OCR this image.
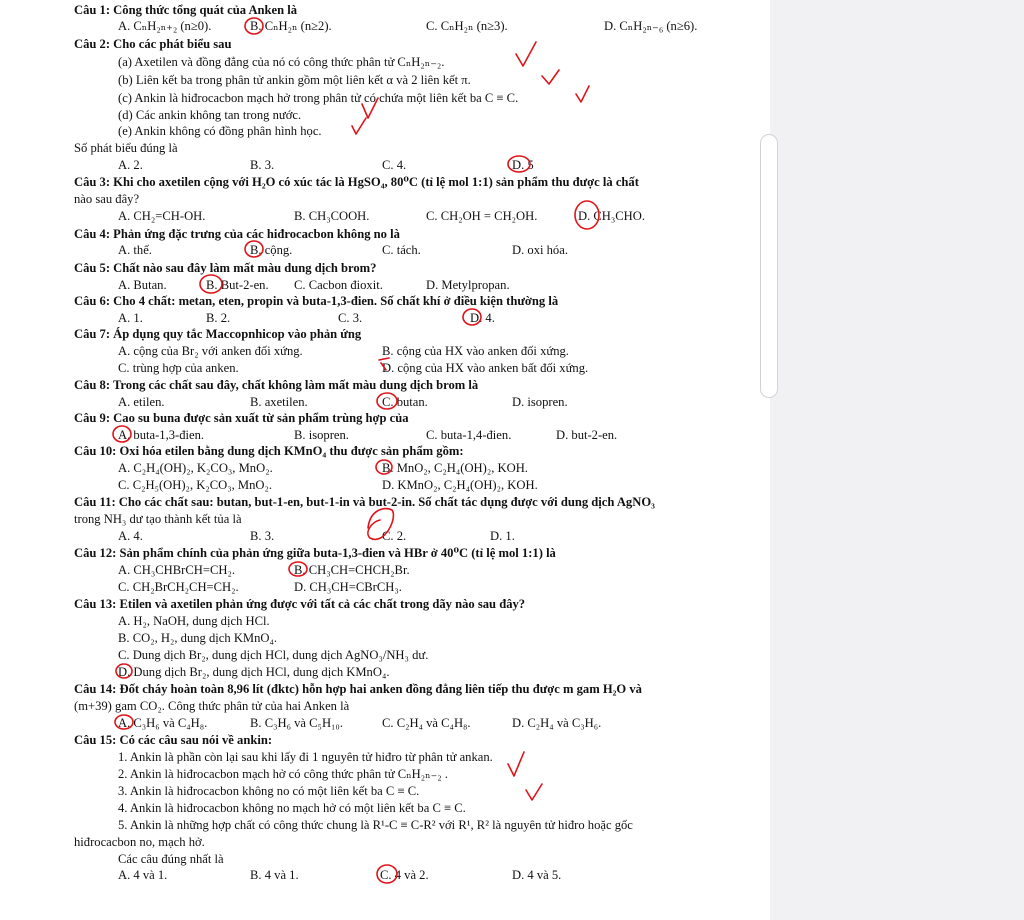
Câu 1: Công thức tổng quát của Anken là
A. CₙH₂ₙ₊₂ (n≥0).	B. CₙH₂ₙ (n≥2).	C. CₙH₂ₙ (n≥3).	D. CₙH₂ₙ₋₆ (n≥6).
Câu 2: Cho các phát biểu sau
(a) Axetilen và đồng đẳng của nó có công thức phân tử CₙH₂ₙ₋₂.
(b) Liên kết ba trong phân tử ankin gồm một liên kết α và 2 liên kết π.
(c) Ankin là hiđrocacbon mạch hở trong phân tử có chứa một liên kết ba C ≡ C.
(d) Các ankin không tan trong nước.
(e) Ankin không có đồng phân hình học.
Số phát biểu đúng là
A. 2.	B. 3.	C. 4.	D. 5
Câu 3: Khi cho axetilen cộng với H₂O có xúc tác là HgSO₄, 80⁰C (tỉ lệ mol 1:1) sản phẩm thu được là chất
nào sau đây?
A. CH₂=CH-OH.	B. CH₃COOH.	C. CH₂OH = CH₂OH.	D. CH₃CHO.
Câu 4: Phản ứng đặc trưng của các hiđrocacbon không no là
A. thế.	B. cộng.	C. tách.	D. oxi hóa.
Câu 5: Chất nào sau đây làm mất màu dung dịch brom?
A. Butan.	B. But-2-en. C. Cacbon đioxit.	D. Metylpropan.
Câu 6: Cho 4 chất: metan, eten, propin và buta-1,3-đien. Số chất khí ở điều kiện thường là
A. 1.	B. 2.	C. 3.	D. 4.
Câu 7: Áp dụng quy tắc Maccopnhicop vào phản ứng
A. cộng của Br₂ với anken đối xứng.	B. cộng của HX vào anken đối xứng.
C. trùng hợp của anken.	D. cộng của HX vào anken bất đối xứng.
Câu 8: Trong các chất sau đây, chất không làm mất màu dung dịch brom là
A. etilen.	B. axetilen.	C. butan.	D. isopren.
Câu 9: Cao su buna được sản xuất từ sản phẩm trùng hợp của
A. buta-1,3-đien.	B. isopren.	C. buta-1,4-đien.	D. but-2-en.
Câu 10: Oxi hóa etilen bằng dung dịch KMnO₄ thu được sản phẩm gồm:
A. C₂H₄(OH)₂, K₂CO₃, MnO₂.	B. MnO₂, C₂H₄(OH)₂, KOH.
C. C₂H₅(OH)₂, K₂CO₃, MnO₂.	D. KMnO₂, C₂H₄(OH)₂, KOH.
Câu 11: Cho các chất sau: butan, but-1-en, but-1-in và but-2-in. Số chất tác dụng được với dung dịch AgNO₃
trong NH₃ dư tạo thành kết tủa là
A. 4.	B. 3.	C. 2.	D. 1.
Câu 12: Sản phẩm chính của phản ứng giữa buta-1,3-đien và HBr ở 40⁰C (tỉ lệ mol 1:1) là
A. CH₃CHBrCH=CH₂.	B. CH₃CH=CHCH₂Br.
C. CH₂BrCH₂CH=CH₂.	D. CH₃CH=CBrCH₃.
Câu 13: Etilen và axetilen phản ứng được với tất cả các chất trong dãy nào sau đây?
A. H₂, NaOH, dung dịch HCl.
B. CO₂, H₂, dung dịch KMnO₄.
C. Dung dịch Br₂, dung dịch HCl, dung dịch AgNO₃/NH₃ dư.
D. Dung dịch Br₂, dung dịch HCl, dung dịch KMnO₄.
Câu 14: Đốt cháy hoàn toàn 8,96 lít (đktc) hỗn hợp hai anken đồng đẳng liên tiếp thu được m gam H₂O và
(m+39) gam CO₂. Công thức phân tử của hai Anken là
A. C₃H₆ và C₄H₈.	B. C₃H₆ và C₅H₁₀.	C. C₂H₄ và C₄H₈.	D. C₂H₄ và C₃H₆.
Câu 15: Có các câu sau nói về ankin:
1. Ankin là phần còn lại sau khi lấy đi 1 nguyên tử hiđro từ phân tử ankan.
2. Ankin là hiđrocacbon mạch hở có công thức phân tử CₙH₂ₙ₋₂ .
3. Ankin là hiđrocacbon không no có một liên kết ba C ≡ C.
4. Ankin là hiđrocacbon không no mạch hở có một liên kết ba C ≡ C.
5. Ankin là những hợp chất có công thức chung là R¹-C ≡ C-R² với R¹, R² là nguyên tử hiđro hoặc gốc
hiđrocacbon no, mạch hở.
Các câu đúng nhất là
A. 4 và 1.	B. 4 và 1.	C. 4 và 2.	D. 4 và 5.
